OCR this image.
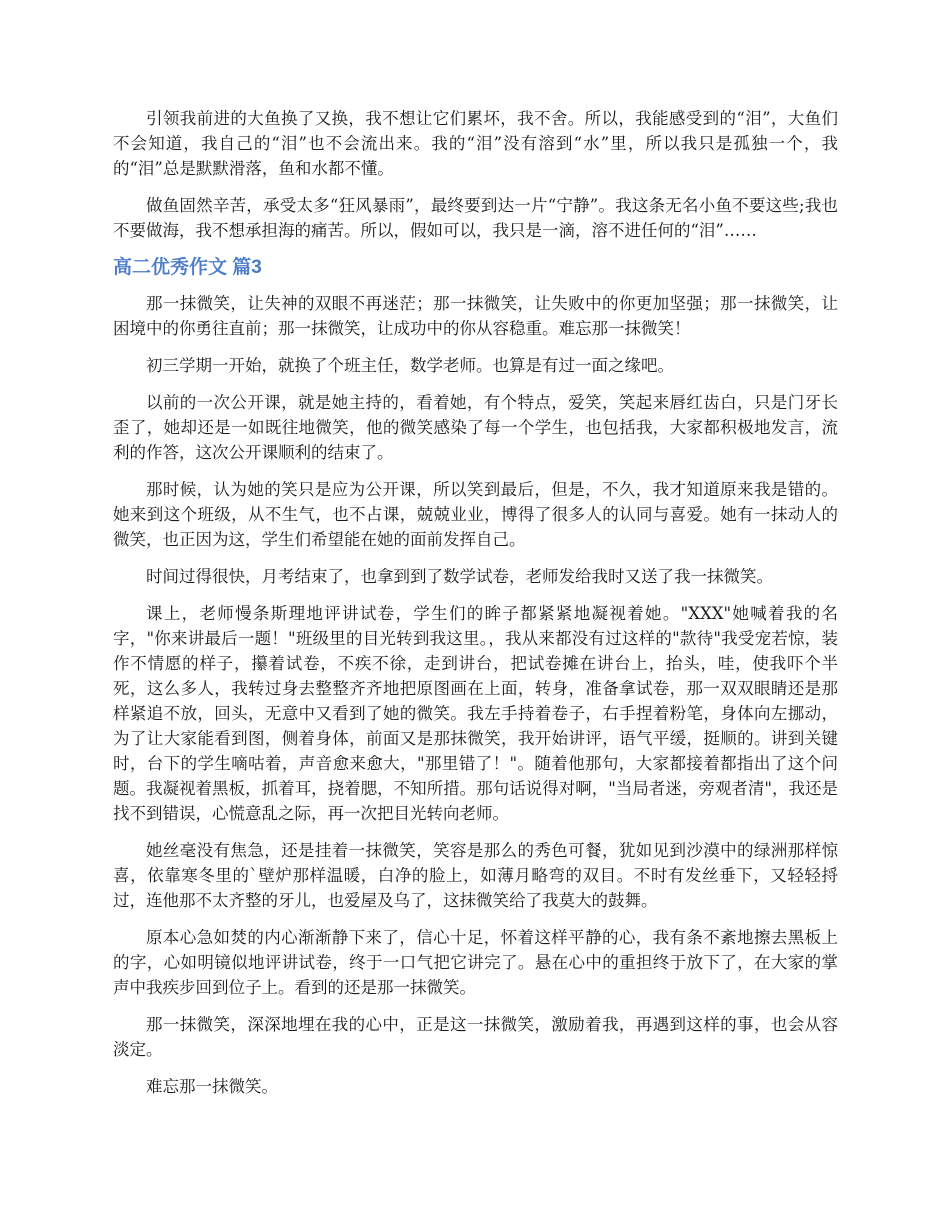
引领我前进的大鱼换了又换，我不想让它们累坏，我不舍。所以，我能感受到的“泪”，大鱼们不会知道，我自己的“泪”也不会流出来。我的“泪”没有溶到“水”里，所以我只是孤独一个，我的“泪”总是默默滑落，鱼和水都不懂。

做鱼固然辛苦，承受太多“狂风暴雨”，最终要到达一片“宁静”。我这条无名小鱼不要这些;我也不要做海，我不想承担海的痛苦。所以，假如可以，我只是一滴，溶不进任何的“泪”……

高二优秀作文 篇3

那一抹微笑，让失神的双眼不再迷茫；那一抹微笑，让失败中的你更加坚强；那一抹微笑，让困境中的你勇往直前；那一抹微笑，让成功中的你从容稳重。难忘那一抹微笑！

初三学期一开始，就换了个班主任，数学老师。也算是有过一面之缘吧。

以前的一次公开课，就是她主持的，看着她，有个特点，爱笑，笑起来唇红齿白，只是门牙长歪了，她却还是一如既往地微笑，他的微笑感染了每一个学生，也包括我，大家都积极地发言，流利的作答，这次公开课顺利的结束了。

那时候，认为她的笑只是应为公开课，所以笑到最后，但是，不久，我才知道原来我是错的。她来到这个班级，从不生气，也不占课，兢兢业业，博得了很多人的认同与喜爱。她有一抹动人的微笑，也正因为这，学生们希望能在她的面前发挥自己。

时间过得很快，月考结束了，也拿到到了数学试卷，老师发给我时又送了我一抹微笑。

课上，老师慢条斯理地评讲试卷，学生们的眸子都紧紧地凝视着她。"XXX"她喊着我的名字，"你来讲最后一题！"班级里的目光转到我这里。，我从来都没有过这样的"款待"我受宠若惊，装作不情愿的样子，攥着试卷，不疾不徐，走到讲台，把试卷摊在讲台上，抬头，哇，使我吓个半死，这么多人，我转过身去整整齐齐地把原图画在上面，转身，准备拿试卷，那一双双眼睛还是那样紧追不放，回头，无意中又看到了她的微笑。我左手持着卷子，右手捏着粉笔，身体向左挪动，为了让大家能看到图，侧着身体，前面又是那抹微笑，我开始讲评，语气平缓，挺顺的。讲到关键时，台下的学生嘀咕着，声音愈来愈大，"那里错了！"。随着他那句，大家都接着都指出了这个问题。我凝视着黑板，抓着耳，挠着腮，不知所措。那句话说得对啊，"当局者迷，旁观者清"，我还是找不到错误，心慌意乱之际，再一次把目光转向老师。

她丝毫没有焦急，还是挂着一抹微笑，笑容是那么的秀色可餐，犹如见到沙漠中的绿洲那样惊喜，依靠寒冬里的`壁炉那样温暖，白净的脸上，如薄月略弯的双目。不时有发丝垂下，又轻轻捋过，连他那不太齐整的牙儿，也爱屋及乌了，这抹微笑给了我莫大的鼓舞。

原本心急如焚的内心渐渐静下来了，信心十足，怀着这样平静的心，我有条不紊地擦去黑板上的字，心如明镜似地评讲试卷，终于一口气把它讲完了。悬在心中的重担终于放下了，在大家的掌声中我疾步回到位子上。看到的还是那一抹微笑。

那一抹微笑，深深地埋在我的心中，正是这一抹微笑，激励着我，再遇到这样的事，也会从容淡定。

难忘那一抹微笑。
